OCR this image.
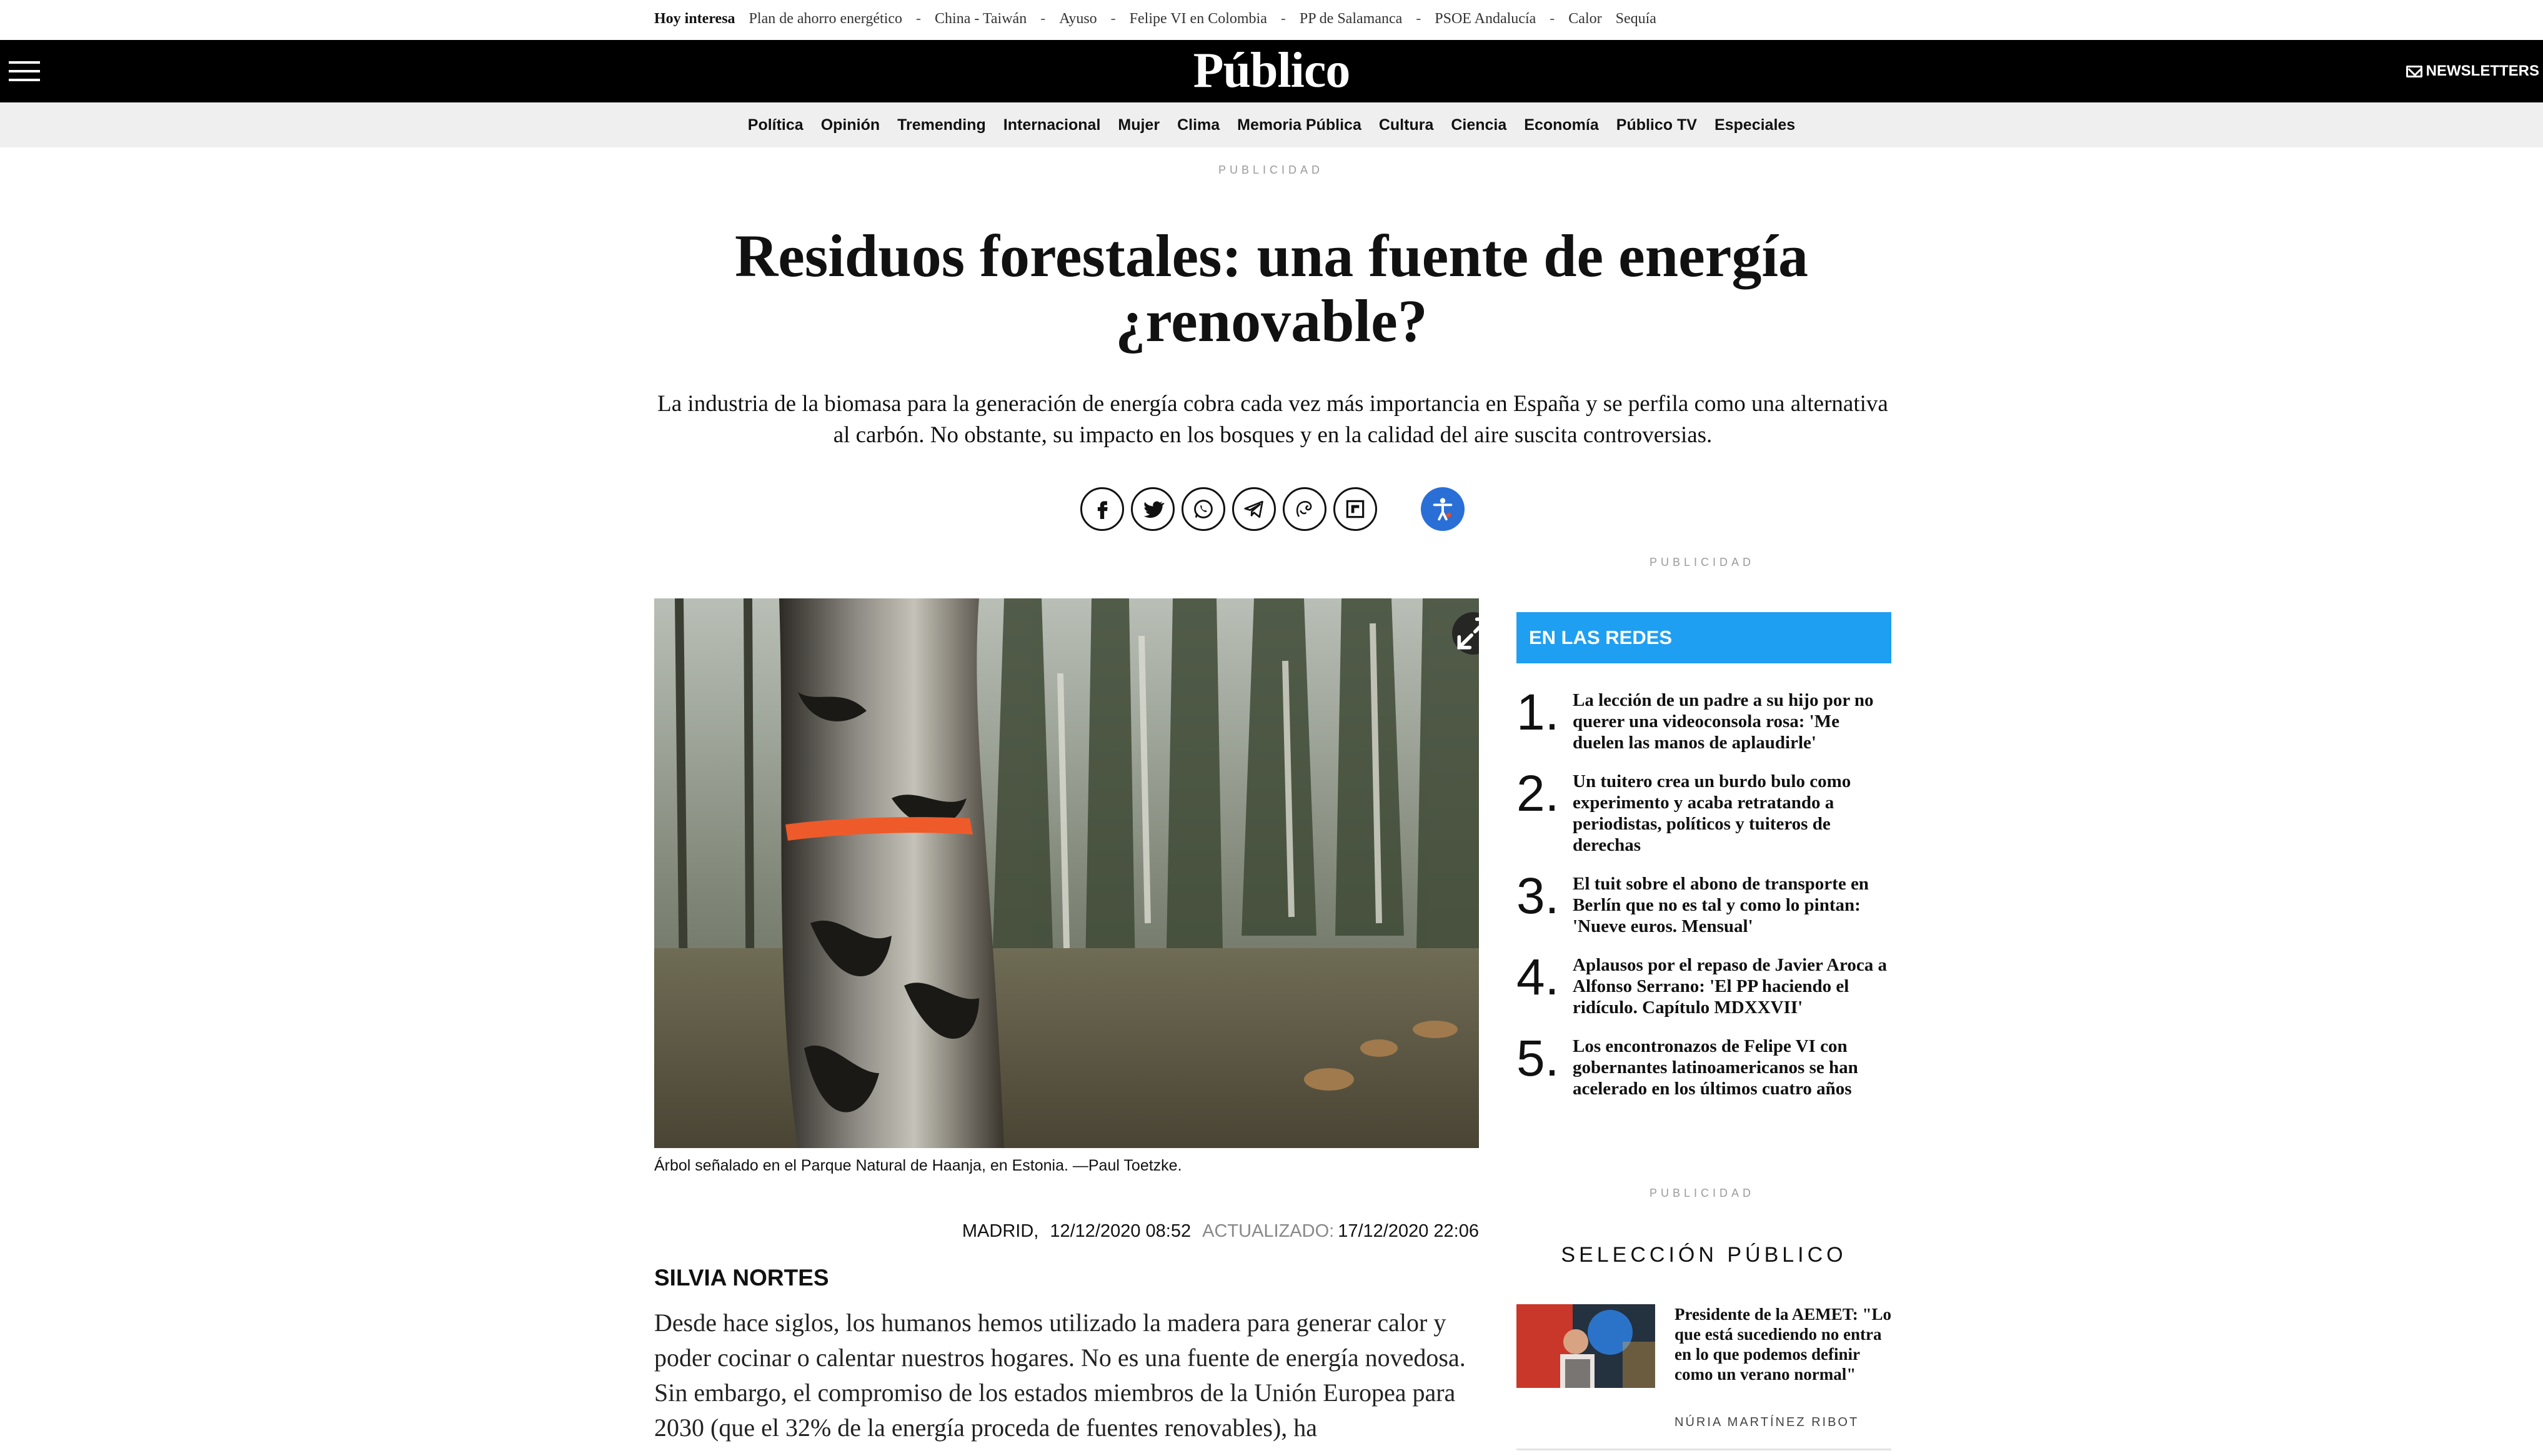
Hoy interesa Plan de ahorro energético - China - Taiwán - Ayuso - Felipe VI en Colombia - PP de Salamanca - PSOE Andalucía - Calor Sequía
Público	NEWSLETTERS
Política Opinión Tremending Internacional Mujer Clima Memoria Pública Cultura Ciencia Economía Público TV Especiales
PUBLICIDAD
Residuos forestales: una fuente de energía ¿renovable?

La industria de la biomasa para la generación de energía cobra cada vez más importancia en España y se perfila como una alternativa al carbón. No obstante, su impacto en los bosques y en la calidad del aire suscita controversias.

PUBLICIDAD
Árbol señalado en el Parque Natural de Haanja, en Estonia. —Paul Toetzke.
MADRID, 12/12/2020 08:52 ACTUALIZADO: 17/12/2020 22:06
SILVIA NORTES

Desde hace siglos, los humanos hemos utilizado la madera para generar calor y poder cocinar o calentar nuestros hogares. No es una fuente de energía novedosa. Sin embargo, el compromiso de los estados miembros de la Unión Europea para 2030 (que el 32% de la energía proceda de fuentes renovables), ha

EN LAS REDES
1. La lección de un padre a su hijo por no querer una videoconsola rosa: 'Me duelen las manos de aplaudirle'
2. Un tuitero crea un burdo bulo como experimento y acaba retratando a periodistas, políticos y tuiteros de derechas
3. El tuit sobre el abono de transporte en Berlín que no es tal y como lo pintan: 'Nueve euros. Mensual'
4. Aplausos por el repaso de Javier Aroca a Alfonso Serrano: 'El PP haciendo el ridículo. Capítulo MDXXVII'
5. Los encontronazos de Felipe VI con gobernantes latinoamericanos se han acelerado en los últimos cuatro años
PUBLICIDAD
SELECCIÓN PÚBLICO
Presidente de la AEMET: "Lo que está sucediendo no entra en lo que podemos definir como un verano normal"
NÚRIA MARTÍNEZ RIBOT
